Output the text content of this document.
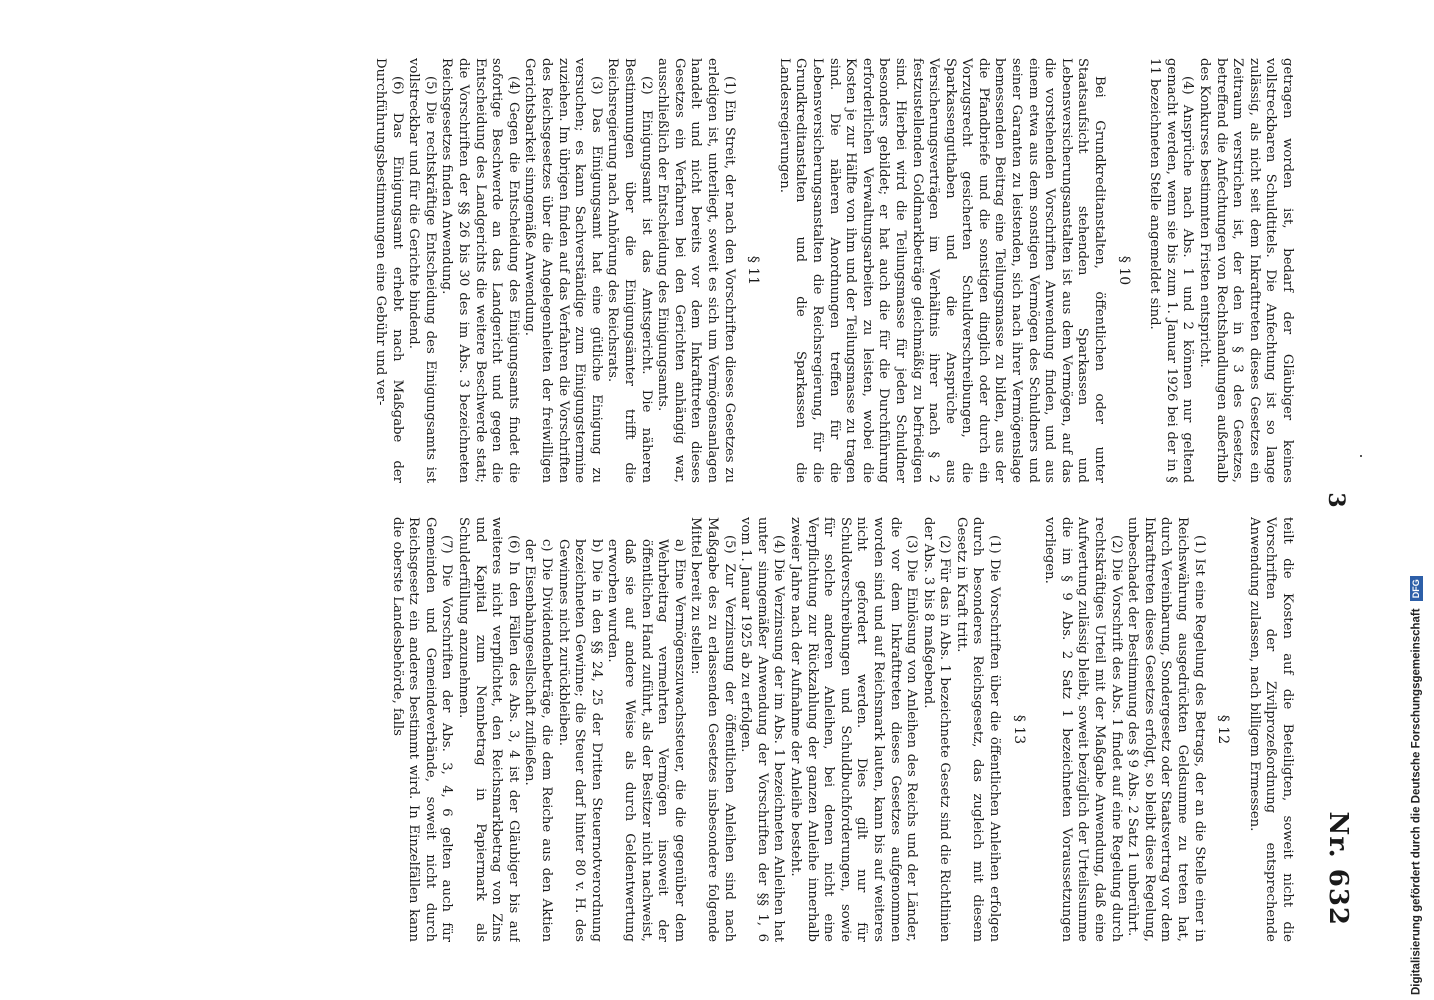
3
Nr. 632

getragen worden ist, bedarf der Gläubiger keines vollstreckbaren Schuldtitels. Die Anfechtung ist so lange zulässig, als nicht seit dem Inkrafttreten dieses Gesetzes ein Zeitraum verstrichen ist, der den in § 3 des Gesetzes, betreffend die Anfechtungen von Rechtshandlungen außerhalb des Konkurses bestimmten Fristen entspricht.

(4) Ansprüche nach Abs. 1 und 2 können nur geltend gemacht werden, wenn sie bis zum 1. Januar 1926 bei der in § 11 bezeichneten Stelle angemeldet sind.

§ 10

Bei Grundkreditanstalten, öffentlichen oder unter Staatsaufsicht stehenden Sparkassen und Lebensversicherungsanstalten ist aus dem Vermögen, auf das die vorstehenden Vorschriften Anwendung finden, und aus einem etwa aus dem sonstigen Vermögen des Schuldners und seiner Garanten zu leistenden, sich nach ihrer Vermögenslage bemessenden Beitrag eine Teilungsmasse zu bilden, aus der die Pfandbriefe und die sonstigen dinglich oder durch ein Vorzugsrecht gesicherten Schuldverschreibungen, die Sparkassenguthaben und die Ansprüche aus Versicherungsverträgen im Verhältnis ihrer nach § 2 festzustellenden Goldmarkbeträge gleichmäßig zu befriedigen sind. Hierbei wird die Teilungsmasse für jeden Schuldner besonders gebildet; er hat auch die für die Durchführung erforderlichen Verwaltungsarbeiten zu leisten, wobei die Kosten je zur Hälfte von ihm und der Teilungsmasse zu tragen sind. Die näheren Anordnungen treffen für die Lebensversicherungsanstalten die Reichsregierung, für die Grundkreditanstalten und die Sparkassen die Landesregierungen.

§ 11

(1) Ein Streit, der nach den Vorschriften dieses Gesetzes zu erledigen ist, unterliegt, soweit es sich um Vermögensanlagen handelt und nicht bereits vor dem Inkrafttreten dieses Gesetzes ein Verfahren bei den Gerichten anhängig war, ausschließlich der Entscheidung des Einigungsamts.

(2) Einigungsamt ist das Amtsgericht. Die näheren Bestimmungen über die Einigungsämter trifft die Reichsregierung nach Anhörung des Reichsrats.

(3) Das Einigungsamt hat eine gütliche Einigung zu versuchen; es kann Sachverständige zum Einigungstermine zuziehen. Im übrigen finden auf das Verfahren die Vorschriften des Reichsgesetzes über die Angelegenheiten der freiwilligen Gerichtsbarkeit sinngemäße Anwendung.

(4) Gegen die Entscheidung des Einigungsamts findet die sofortige Beschwerde an das Landgericht und gegen die Entscheidung des Landgerichts die weitere Beschwerde statt; die Vorschriften der §§ 26 bis 30 des im Abs. 3 bezeichneten Reichsgesetzes finden Anwendung.

(5) Die rechtskräftige Entscheidung des Einigungsamts ist vollstreckbar und für die Gerichte bindend.

(6) Das Einigungsamt erhebt nach Maßgabe der Durchführungsbestimmungen eine Gebühr und ver-

teilt die Kosten auf die Beteiligten, soweit nicht die Vorschriften der Zivilprozeßordnung entsprechende Anwendung zulassen, nach billigem Ermessen.

§ 12

(1) Ist eine Regelung des Betrags, der an die Stelle einer in Reichswährung ausgedrückten Geldsumme zu treten hat, durch Vereinbarung, Sondergesetz oder Staatsvertrag vor dem Inkrafttreten dieses Gesetzes erfolgt, so bleibt diese Regelung, unbeschadet der Bestimmung des § 9 Abs. 2 Satz 1 unberührt.

(2) Die Vorschrift des Abs. 1 findet auf eine Regelung durch rechtskräftiges Urteil mit der Maßgabe Anwendung, daß eine Aufwertung zulässig bleibt, soweit bezüglich der Urteilssumme die im § 9 Abs. 2 Satz 1 bezeichneten Voraussetzungen vorliegen.

§ 13

(1) Die Vorschriften über die öffentlichen Anleihen erfolgen durch besonderes Reichsgesetz, das zugleich mit diesem Gesetz in Kraft tritt.

(2) Für das in Abs. 1 bezeichnete Gesetz sind die Richtlinien der Abs. 3 bis 8 maßgebend.

(3) Die Einlösung von Anleihen des Reichs und der Länder, die vor dem Inkrafttreten dieses Gesetzes aufgenommen worden sind und auf Reichsmark lauten, kann bis auf weiteres nicht gefordert werden. Dies gilt nur für Schuldverschreibungen und Schuldbuchforderungen, sowie für solche anderen Anleihen, bei denen nicht eine Verpflichtung zur Rückzahlung der ganzen Anleihe innerhalb zweier Jahre nach der Aufnahme der Anleihe besteht.

(4) Die Verzinsung der im Abs. 1 bezeichneten Anleihen hat unter sinngemäßer Anwendung der Vorschriften der §§ 1, 6 vom 1. Januar 1925 ab zu erfolgen.

(5) Zur Verzinsung der öffentlichen Anleihen sind nach Maßgabe des zu erlassenden Gesetzes insbesondere folgende Mittel bereit zu stellen:

a) Eine Vermögenszuwachssteuer, die die gegenüber dem Wehrbeitrag vermehrten Vermögen insoweit der öffentlichen Hand zuführt, als der Besitzer nicht nachweist, daß sie auf andere Weise als durch Geldentwertung erworben wurden.

b) Die in den §§ 24, 25 der Dritten Steuernotverordnung bezeichneten Gewinne; die Steuer darf hinter 80 v. H. des Gewinnes nicht zurückbleiben.

c) Die Dividendenbeträge, die dem Reiche aus den Aktien der Eisenbahngesellschaft zufließen.

(6) In den Fällen des Abs. 3, 4 ist der Gläubiger bis auf weiteres nicht verpflichtet, den Reichsmarkbetrag von Zins und Kapital zum Nennbetrag in Papiermark als Schulderfüllung anzunehmen.

(7) Die Vorschriften der Abs. 3, 4, 6 gelten auch für Gemeinden und Gemeindeverbände, soweit nicht durch Reichsgesetz ein anderes bestimmt wird. In Einzelfällen kann die oberste Landesbehörde, falls	Digitalisierung gefördert durch die Deutsche Forschungsgemeinschaft DFG
